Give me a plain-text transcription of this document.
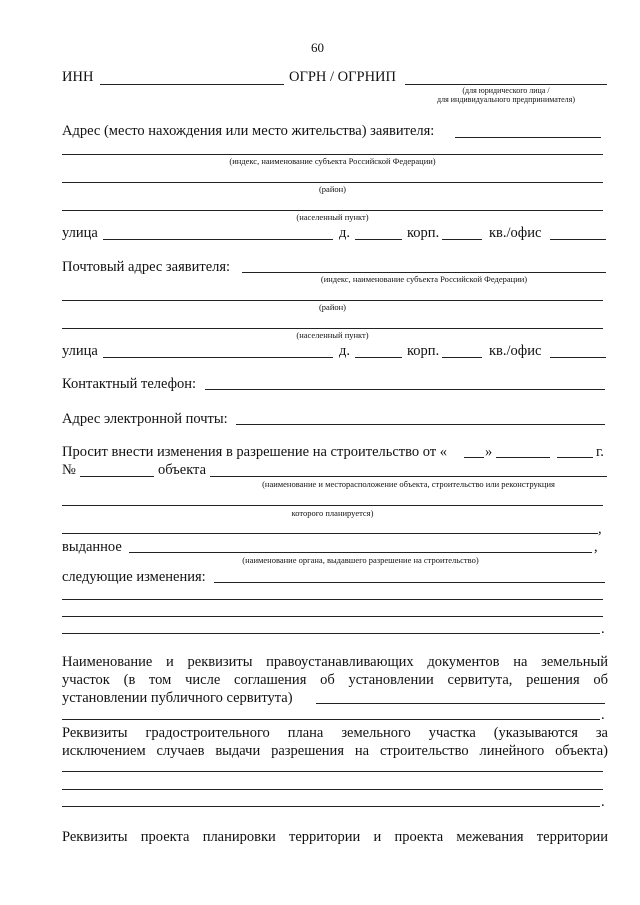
60
ИНН	ОГРН / ОГРНИП
(для юридического лица /
для индивидуального предпринимателя)
Адрес (место нахождения или место жительства) заявителя:
(индекс, наименование субъекта Российской Федерации)
(район)
(населенный пункт)
улица	д.	корп.	кв./офис
Почтовый адрес заявителя:
(индекс, наименование субъекта Российской Федерации)
(район)
(населенный пункт)
улица	д.	корп.	кв./офис
Контактный телефон:
Адрес электронной почты:
Просит внести изменения в разрешение на строительство от «	»	г.
№	объекта
(наименование и месторасположение объекта, строительство или реконструкция
которого планируется)
,
выданное	,
(наименование органа, выдавшего разрешение на строительство)
следующие изменения:
.
Наименование и реквизиты правоустанавливающих документов на земельный
участок (в том числе соглашения об установлении сервитута, решения об
установлении публичного сервитута)
.
Реквизиты градостроительного плана земельного участка (указываются за
исключением случаев выдачи разрешения на строительство линейного объекта)
.
Реквизиты проекта планировки территории и проекта межевания территории
